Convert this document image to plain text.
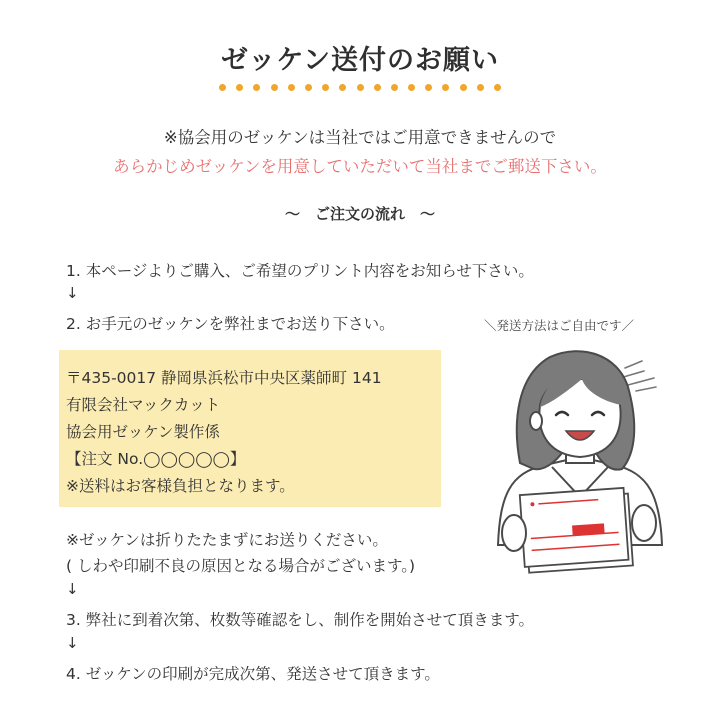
ゼッケン送付のお願い
※協会用のゼッケンは当社ではご用意できませんので
あらかじめゼッケンを用意していただいて当社までご郵送下さい。
〜　ご注文の流れ　〜
1. 本ページよりご購入、ご希望のプリント内容をお知らせ下さい。
↓
2. お手元のゼッケンを弊社までお送り下さい。	＼発送方法はご自由です／
〒435-0017 静岡県浜松市中央区薬師町 141
有限会社マックカット
協会用ゼッケン製作係
【注文 No.◯◯◯◯◯】
※送料はお客様負担となります。
※ゼッケンは折りたたまずにお送りください。
( しわや印刷不良の原因となる場合がございます。)
↓
3. 弊社に到着次第、枚数等確認をし、制作を開始させて頂きます。
↓
4. ゼッケンの印刷が完成次第、発送させて頂きます。
